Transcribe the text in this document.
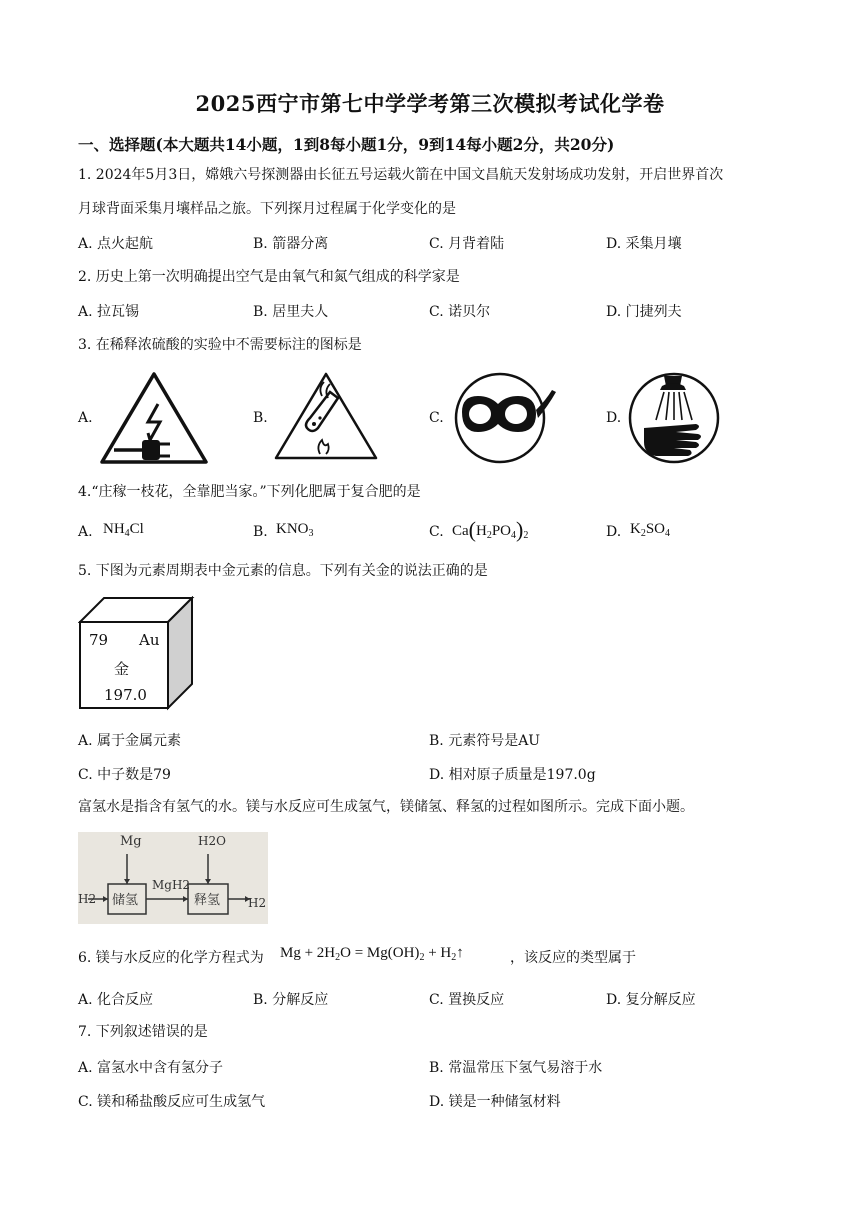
2025西宁市第七中学学考第三次模拟考试化学卷
一、选择题(本大题共14小题，1到8每小题1分，9到14每小题2分，共20分)
1. 2024年5月3日，嫦娥六号探测器由长征五号运载火箭在中国文昌航天发射场成功发射，开启世界首次
月球背面采集月壤样品之旅。下列探月过程属于化学变化的是
A. 点火起航	B. 箭器分离	C. 月背着陆	D. 采集月壤
2. 历史上第一次明确提出空气是由氧气和氮气组成的科学家是
A. 拉瓦锡	B. 居里夫人	C. 诺贝尔	D. 门捷列夫
3. 在稀释浓硫酸的实验中不需要标注的图标是
A.	B.	C.	D.
4.“庄稼一枝花，全靠肥当家。”下列化肥属于复合肥的是
A. $NH_4Cl$	B. $KNO_3$	C. $Ca(H_2PO_4)_2$	D. $K_2SO_4$
5. 下图为元素周期表中金元素的信息。下列有关金的说法正确的是
79 Au
金
197.0
A. 属于金属元素	B. 元素符号是AU
C. 中子数是79	D. 相对原子质量是197.0g
富氢水是指含有氢气的水。镁与水反应可生成氢气，镁储氢、释氢的过程如图所示。完成下面小题。
Mg	H2O
储氢	释氢
MgH2
H2	H2
6. 镁与水反应的化学方程式为 $Mg + 2H_2O = Mg(OH)_2$ + $H_2↑$	，该反应的类型属于
A. 化合反应	B. 分解反应	C. 置换反应	D. 复分解反应
7. 下列叙述错误的是
A. 富氢水中含有氢分子	B. 常温常压下氢气易溶于水
C. 镁和稀盐酸反应可生成氢气	D. 镁是一种储氢材料
